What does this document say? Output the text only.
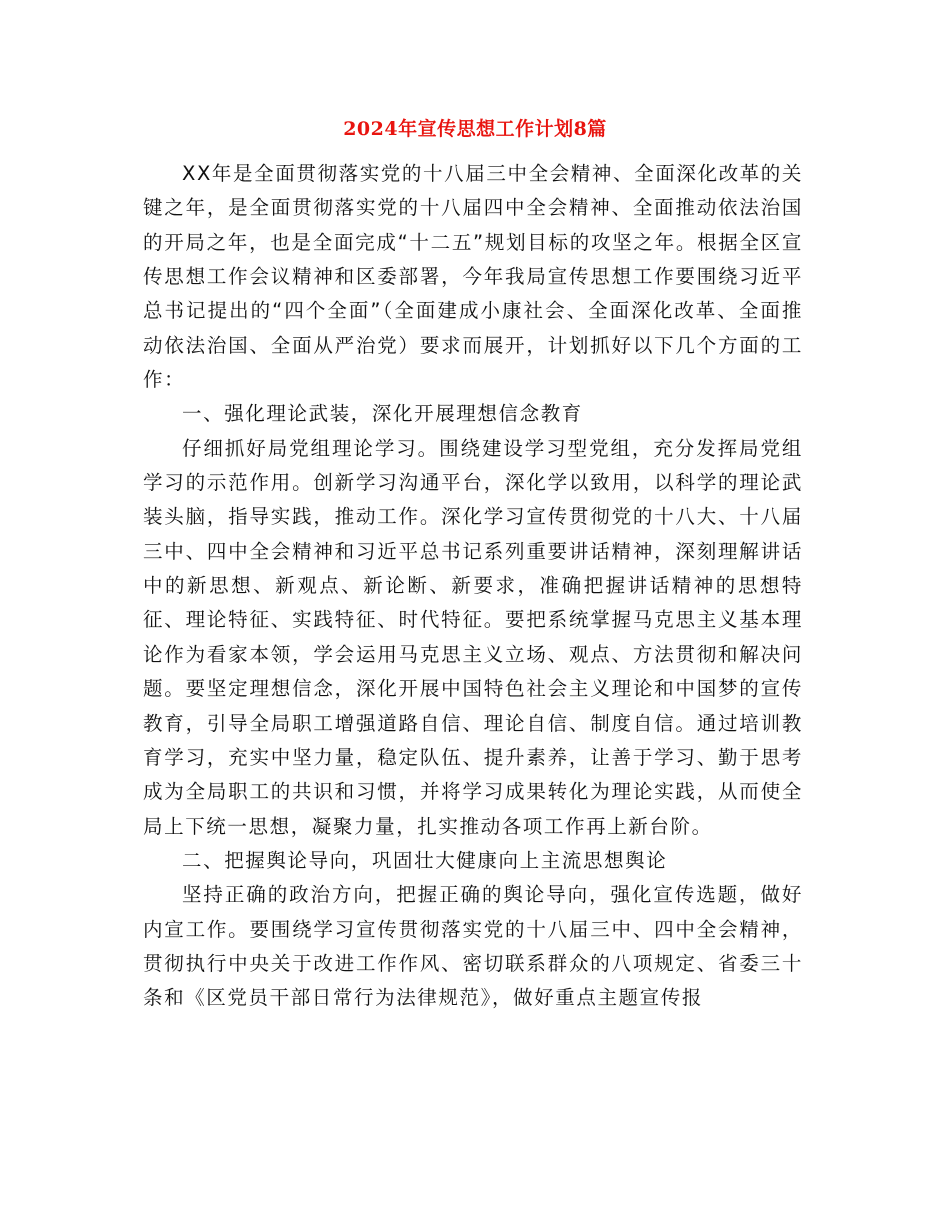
2024年宣传思想工作计划8篇

XX年是全面贯彻落实党的十八届三中全会精神、全面深化改革的关键之年，是全面贯彻落实党的十八届四中全会精神、全面推动依法治国的开局之年，也是全面完成“十二五”规划目标的攻坚之年。根据全区宣传思想工作会议精神和区委部署，今年我局宣传思想工作要围绕习近平总书记提出的“四个全面”（全面建成小康社会、全面深化改革、全面推动依法治国、全面从严治党）要求而展开，计划抓好以下几个方面的工作：

一、强化理论武装，深化开展理想信念教育

仔细抓好局党组理论学习。围绕建设学习型党组，充分发挥局党组学习的示范作用。创新学习沟通平台，深化学以致用，以科学的理论武装头脑，指导实践，推动工作。深化学习宣传贯彻党的十八大、十八届三中、四中全会精神和习近平总书记系列重要讲话精神，深刻理解讲话中的新思想、新观点、新论断、新要求，准确把握讲话精神的思想特征、理论特征、实践特征、时代特征。要把系统掌握马克思主义基本理论作为看家本领，学会运用马克思主义立场、观点、方法贯彻和解决问题。要坚定理想信念，深化开展中国特色社会主义理论和中国梦的宣传教育，引导全局职工增强道路自信、理论自信、制度自信。通过培训教育学习，充实中坚力量，稳定队伍、提升素养，让善于学习、勤于思考成为全局职工的共识和习惯，并将学习成果转化为理论实践，从而使全局上下统一思想，凝聚力量，扎实推动各项工作再上新台阶。

二、把握舆论导向，巩固壮大健康向上主流思想舆论

坚持正确的政治方向，把握正确的舆论导向，强化宣传选题，做好内宣工作。要围绕学习宣传贯彻落实党的十八届三中、四中全会精神，贯彻执行中央关于改进工作作风、密切联系群众的八项规定、省委三十条和《区党员干部日常行为法律规范》，做好重点主题宣传报
